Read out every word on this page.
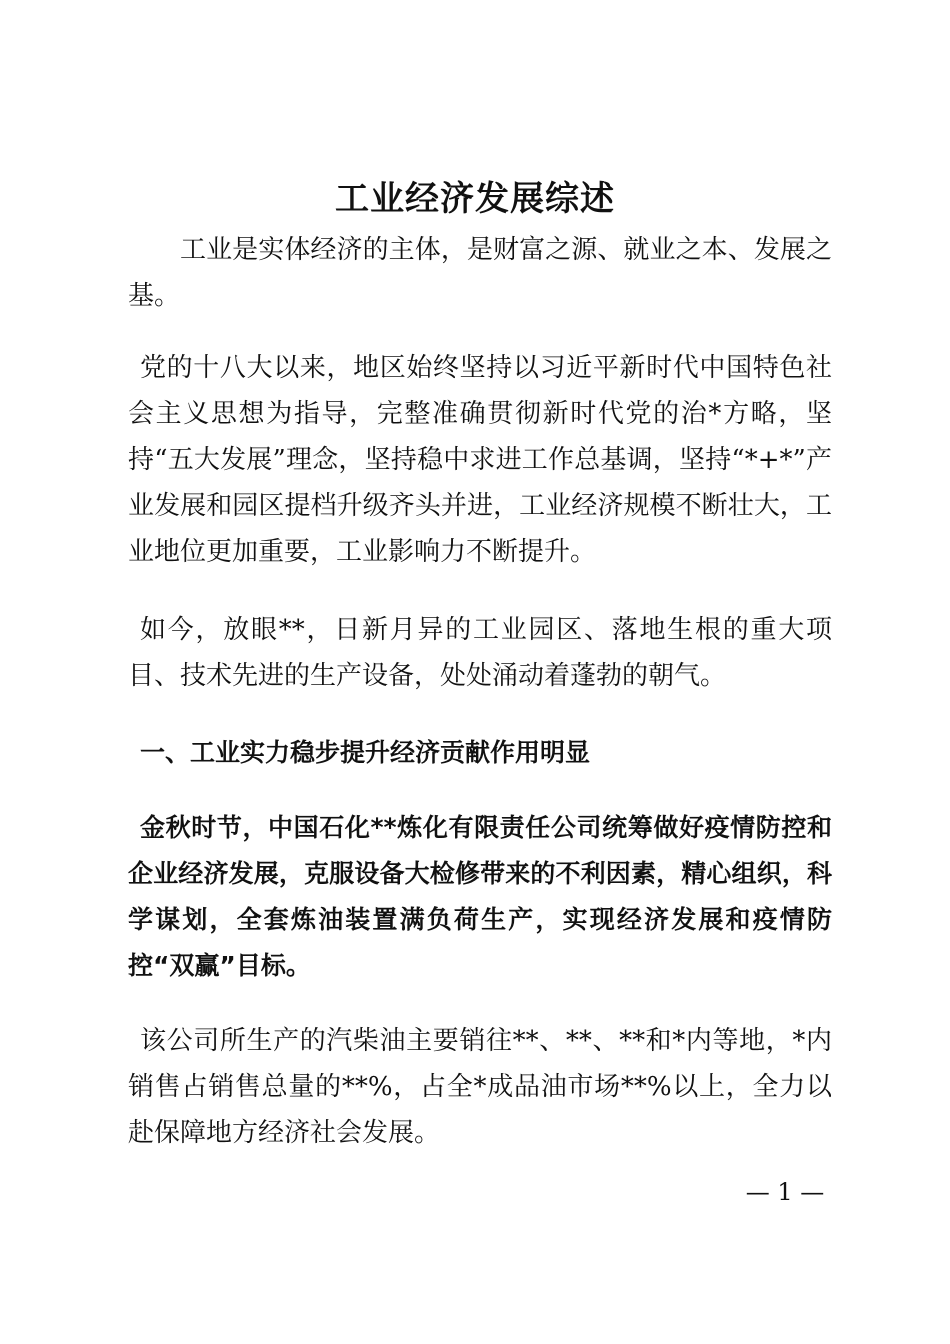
工业经济发展综述

工业是实体经济的主体，是财富之源、就业之本、发展之基。

党的十八大以来，地区始终坚持以习近平新时代中国特色社会主义思想为指导，完整准确贯彻新时代党的治*方略，坚持“五大发展”理念，坚持稳中求进工作总基调，坚持“*+*”产业发展和园区提档升级齐头并进，工业经济规模不断壮大，工业地位更加重要，工业影响力不断提升。

如今，放眼**，日新月异的工业园区、落地生根的重大项目、技术先进的生产设备，处处涌动着蓬勃的朝气。

一、工业实力稳步提升经济贡献作用明显

金秋时节，中国石化**炼化有限责任公司统筹做好疫情防控和企业经济发展，克服设备大检修带来的不利因素，精心组织，科学谋划，全套炼油装置满负荷生产，实现经济发展和疫情防控“双赢”目标。

该公司所生产的汽柴油主要销往**、**、**和*内等地，*内销售占销售总量的**%，占全*成品油市场**%以上，全力以赴保障地方经济社会发展。

— 1 —
